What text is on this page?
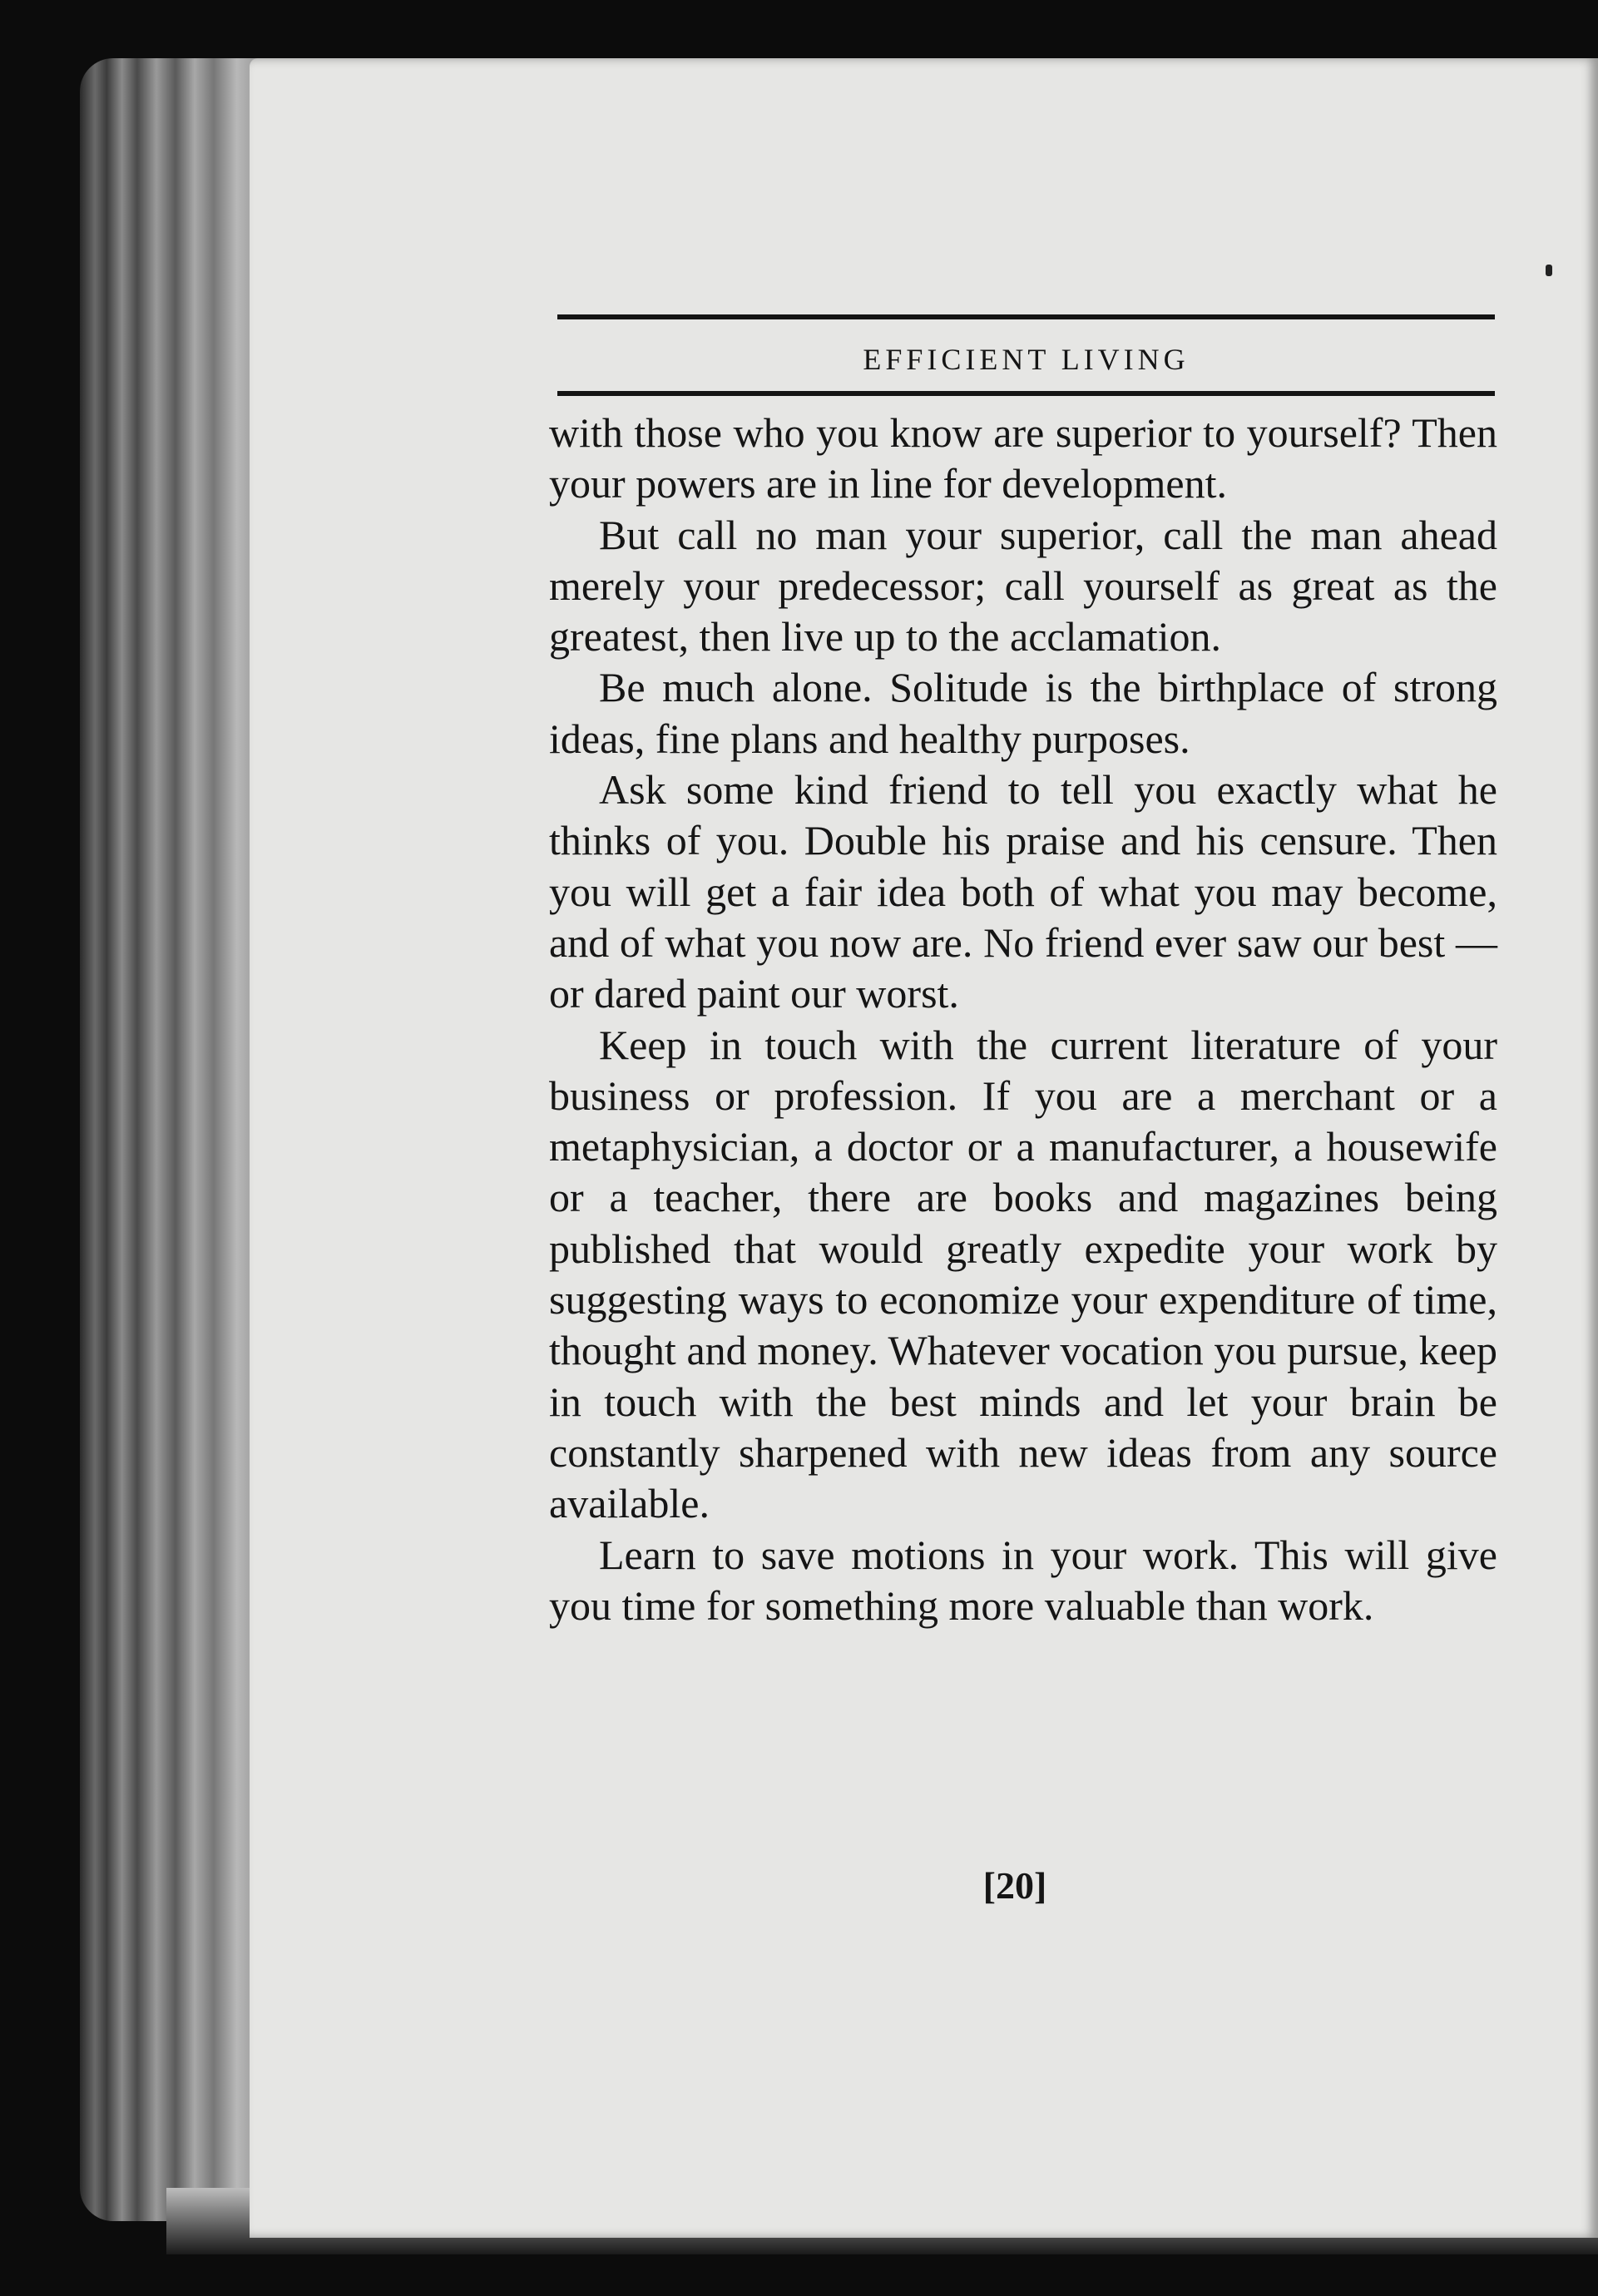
EFFICIENT LIVING

with those who you know are superior to yourself? Then your powers are in line for development.

But call no man your superior, call the man ahead merely your predecessor; call yourself as great as the greatest, then live up to the acclamation.

Be much alone. Solitude is the birthplace of strong ideas, fine plans and healthy purposes.

Ask some kind friend to tell you exactly what he thinks of you. Double his praise and his censure. Then you will get a fair idea both of what you may become, and of what you now are. No friend ever saw our best — or dared paint our worst.

Keep in touch with the current literature of your business or profession. If you are a merchant or a metaphysician, a doctor or a manufacturer, a housewife or a teacher, there are books and magazines being published that would greatly expedite your work by suggesting ways to economize your expenditure of time, thought and money. Whatever vocation you pursue, keep in touch with the best minds and let your brain be constantly sharpened with new ideas from any source available.

Learn to save motions in your work. This will give you time for something more valuable than work.

[20]
